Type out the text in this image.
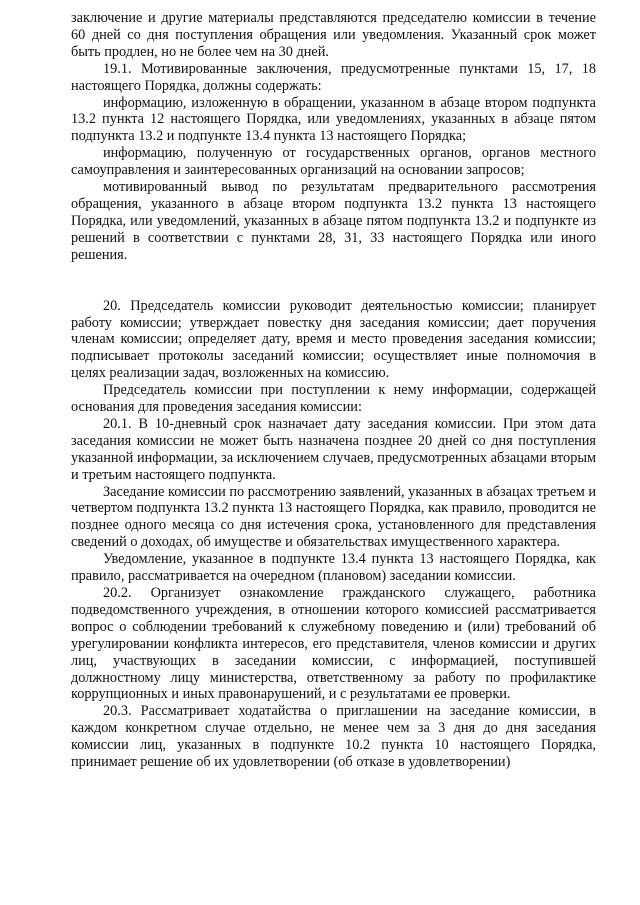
заключение и другие материалы представляются председателю комиссии в течение 60 дней со дня поступления обращения или уведомления. Указанный срок может быть продлен, но не более чем на 30 дней.

19.1. Мотивированные заключения, предусмотренные пунктами 15, 17, 18 настоящего Порядка, должны содержать:

информацию, изложенную в обращении, указанном в абзаце втором подпункта 13.2 пункта 12 настоящего Порядка, или уведомлениях, указанных в абзаце пятом подпункта 13.2 и подпункте 13.4 пункта 13 настоящего Порядка;

информацию, полученную от государственных органов, органов местного самоуправления и заинтересованных организаций на основании запросов;

мотивированный вывод по результатам предварительного рассмотрения обращения, указанного в абзаце втором подпункта 13.2 пункта 13 настоящего Порядка, или уведомлений, указанных в абзаце пятом подпункта 13.2 и подпункте из решений в соответствии с пунктами 28, 31, 33 настоящего Порядка или иного решения.

20. Председатель комиссии руководит деятельностью комиссии; планирует работу комиссии; утверждает повестку дня заседания комиссии; дает поручения членам комиссии; определяет дату, время и место проведения заседания комиссии; подписывает протоколы заседаний комиссии; осуществляет иные полномочия в целях реализации задач, возложенных на комиссию.

Председатель комиссии при поступлении к нему информации, содержащей основания для проведения заседания комиссии:

20.1. В 10-дневный срок назначает дату заседания комиссии. При этом дата заседания комиссии не может быть назначена позднее 20 дней со дня поступления указанной информации, за исключением случаев, предусмотренных абзацами вторым и третьим настоящего подпункта.

Заседание комиссии по рассмотрению заявлений, указанных в абзацах третьем и четвертом подпункта 13.2 пункта 13 настоящего Порядка, как правило, проводится не позднее одного месяца со дня истечения срока, установленного для представления сведений о доходах, об имуществе и обязательствах имущественного характера.

Уведомление, указанное в подпункте 13.4 пункта 13 настоящего Порядка, как правило, рассматривается на очередном (плановом) заседании комиссии.

20.2. Организует ознакомление гражданского служащего, работника подведомственного учреждения, в отношении которого комиссией рассматривается вопрос о соблюдении требований к служебному поведению и (или) требований об урегулировании конфликта интересов, его представителя, членов комиссии и других лиц, участвующих в заседании комиссии, с информацией, поступившей должностному лицу министерства, ответственному за работу по профилактике коррупционных и иных правонарушений, и с результатами ее проверки.

20.3. Рассматривает ходатайства о приглашении на заседание комиссии, в каждом конкретном случае отдельно, не менее чем за 3 дня до дня заседания комиссии лиц, указанных в подпункте 10.2 пункта 10 настоящего Порядка, принимает решение об их удовлетворении (об отказе в удовлетворении)
